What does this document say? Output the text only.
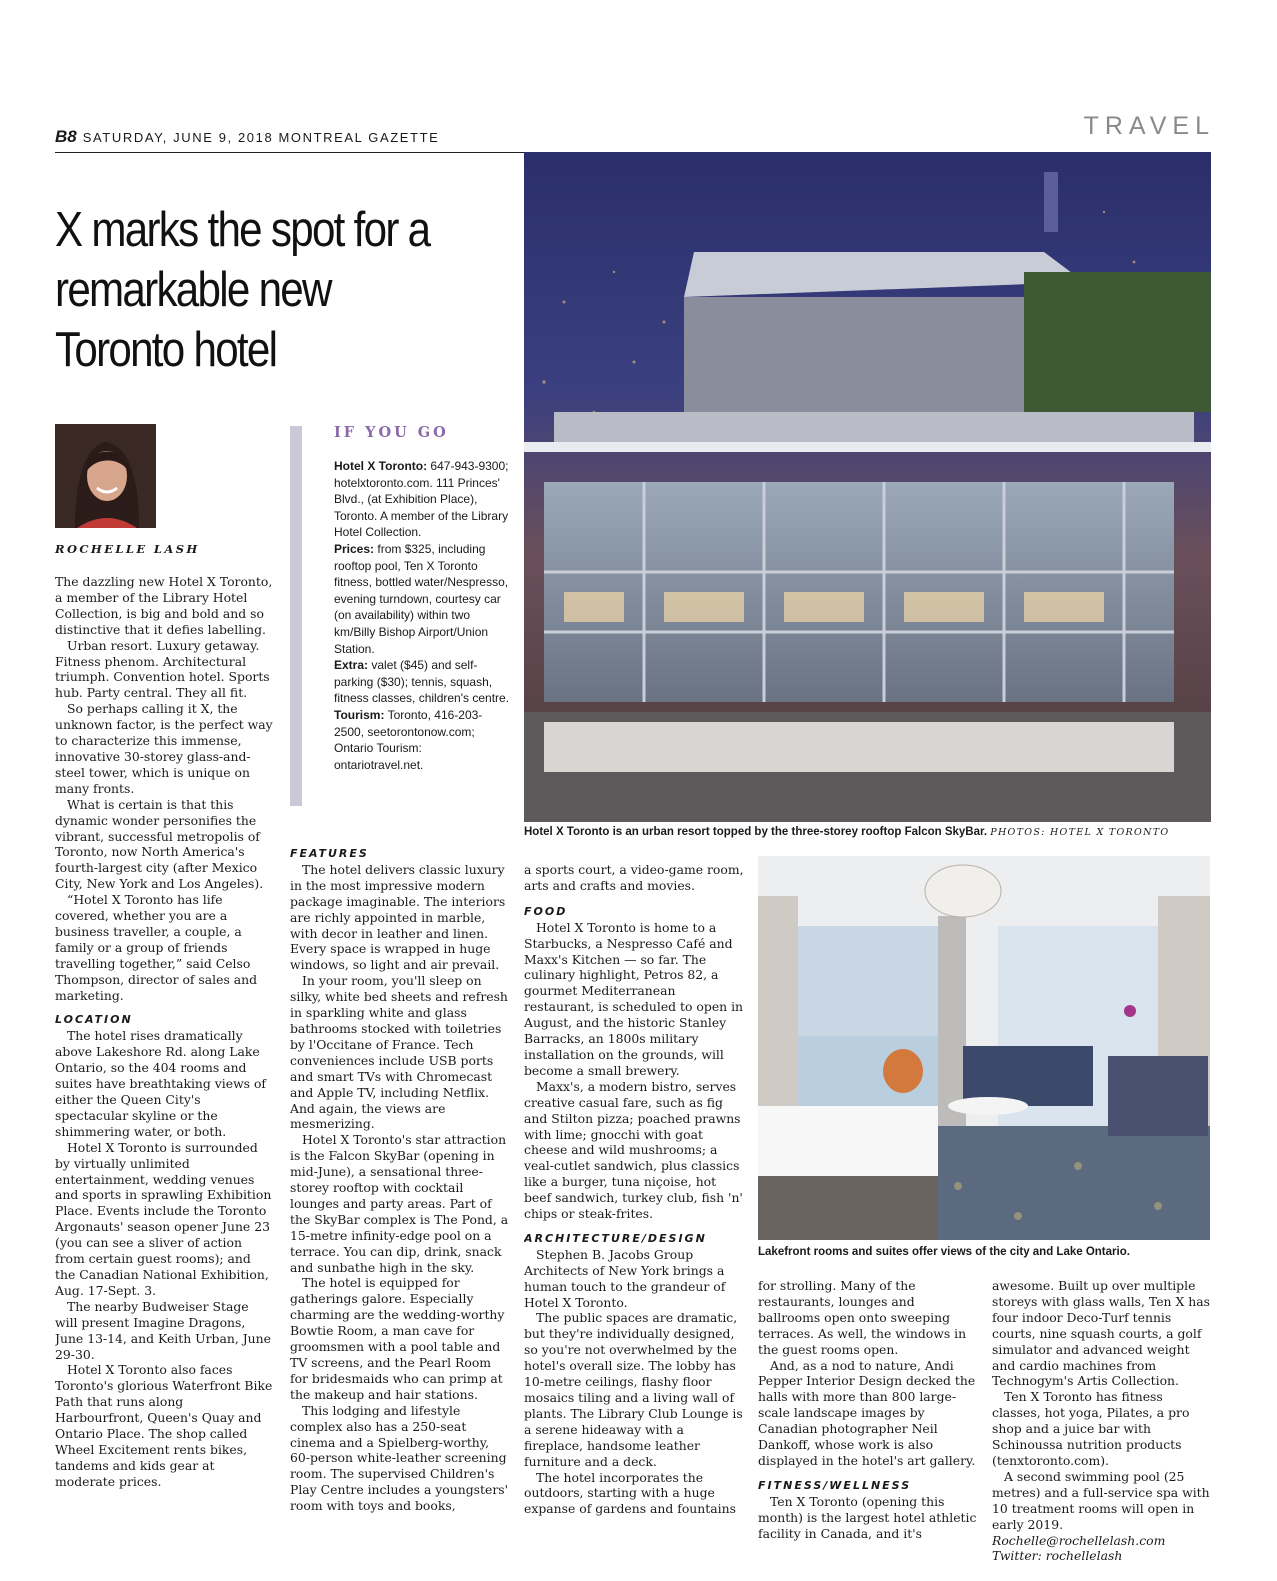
B8 SATURDAY, JUNE 9, 2018 MONTREAL GAZETTE	TRAVEL
X marks the spot for a remarkable new Toronto hotel
ROCHELLE LASH
IF YOU GO
Hotel X Toronto: 647-943-9300; hotelxtoronto.com. 111 Princes' Blvd., (at Exhibition Place), Toronto. A member of the Library Hotel Collection.
Prices: from $325, including rooftop pool, Ten X Toronto fitness, bottled water/Nespresso, evening turndown, courtesy car (on availability) within two km/Billy Bishop Airport/Union Station.
Extra: valet ($45) and self-parking ($30); tennis, squash, fitness classes, children's centre.
Tourism: Toronto, 416-203-2500, seetorontonow.com; Ontario Tourism: ontariotravel.net.
Hotel X Toronto is an urban resort topped by the three-storey rooftop Falcon SkyBar. PHOTOS: HOTEL X TORONTO
Lakefront rooms and suites offer views of the city and Lake Ontario.

The dazzling new Hotel X Toronto, a member of the Library Hotel Collection, is big and bold and so distinctive that it defies labelling.

Urban resort. Luxury getaway. Fitness phenom. Architectural triumph. Convention hotel. Sports hub. Party central. They all fit.

So perhaps calling it X, the unknown factor, is the perfect way to characterize this immense, innovative 30-storey glass-and-steel tower, which is unique on many fronts.

What is certain is that this dynamic wonder personifies the vibrant, successful metropolis of Toronto, now North America's fourth-largest city (after Mexico City, New York and Los Angeles).

“Hotel X Toronto has life covered, whether you are a business traveller, a couple, a family or a group of friends travelling together,” said Celso Thompson, director of sales and marketing.

LOCATION

The hotel rises dramatically above Lakeshore Rd. along Lake Ontario, so the 404 rooms and suites have breathtaking views of either the Queen City's spectacular skyline or the shimmering water, or both.

Hotel X Toronto is surrounded by virtually unlimited entertainment, wedding venues and sports in sprawling Exhibition Place. Events include the Toronto Argonauts' season opener June 23 (you can see a sliver of action from certain guest rooms); and the Canadian National Exhibition, Aug. 17-Sept. 3.

The nearby Budweiser Stage will present Imagine Dragons, June 13-14, and Keith Urban, June 29-30.

Hotel X Toronto also faces Toronto's glorious Waterfront Bike Path that runs along Harbourfront, Queen's Quay and Ontario Place. The shop called Wheel Excitement rents bikes, tandems and kids gear at moderate prices.

FEATURES

The hotel delivers classic luxury in the most impressive modern package imaginable. The interiors are richly appointed in marble, with decor in leather and linen. Every space is wrapped in huge windows, so light and air prevail.

In your room, you'll sleep on silky, white bed sheets and refresh in sparkling white and glass bathrooms stocked with toiletries by l'Occitane of France. Tech conveniences include USB ports and smart TVs with Chromecast and Apple TV, including Netflix. And again, the views are mesmerizing.

Hotel X Toronto's star attraction is the Falcon SkyBar (opening in mid-June), a sensational three-storey rooftop with cocktail lounges and party areas. Part of the SkyBar complex is The Pond, a 15-metre infinity-edge pool on a terrace. You can dip, drink, snack and sunbathe high in the sky.

The hotel is equipped for gatherings galore. Especially charming are the wedding-worthy Bowtie Room, a man cave for groomsmen with a pool table and TV screens, and the Pearl Room for bridesmaids who can primp at the makeup and hair stations.

This lodging and lifestyle complex also has a 250-seat cinema and a Spielberg-worthy, 60-person white-leather screening room. The supervised Children's Play Centre includes a youngsters' room with toys and books,

a sports court, a video-game room, arts and crafts and movies.

FOOD

Hotel X Toronto is home to a Starbucks, a Nespresso Café and Maxx's Kitchen — so far. The culinary highlight, Petros 82, a gourmet Mediterranean restaurant, is scheduled to open in August, and the historic Stanley Barracks, an 1800s military installation on the grounds, will become a small brewery.

Maxx's, a modern bistro, serves creative casual fare, such as fig and Stilton pizza; poached prawns with lime; gnocchi with goat cheese and wild mushrooms; a veal-cutlet sandwich, plus classics like a burger, tuna niçoise, hot beef sandwich, turkey club, fish 'n' chips or steak-frites.

ARCHITECTURE/DESIGN

Stephen B. Jacobs Group Architects of New York brings a human touch to the grandeur of Hotel X Toronto.

The public spaces are dramatic, but they're individually designed, so you're not overwhelmed by the hotel's overall size. The lobby has 10-metre ceilings, flashy floor mosaics tiling and a living wall of plants. The Library Club Lounge is a serene hideaway with a fireplace, handsome leather furniture and a deck.

The hotel incorporates the outdoors, starting with a huge expanse of gardens and fountains

for strolling. Many of the restaurants, lounges and ballrooms open onto sweeping terraces. As well, the windows in the guest rooms open.

And, as a nod to nature, Andi Pepper Interior Design decked the halls with more than 800 large-scale landscape images by Canadian photographer Neil Dankoff, whose work is also displayed in the hotel's art gallery.

FITNESS/WELLNESS

Ten X Toronto (opening this month) is the largest hotel athletic facility in Canada, and it's

awesome. Built up over multiple storeys with glass walls, Ten X has four indoor Deco-Turf tennis courts, nine squash courts, a golf simulator and advanced weight and cardio machines from Technogym's Artis Collection.

Ten X Toronto has fitness classes, hot yoga, Pilates, a pro shop and a juice bar with Schinoussa nutrition products (tenxtoronto.com).

A second swimming pool (25 metres) and a full-service spa with 10 treatment rooms will open in early 2019.

Rochelle@rochellelash.com
Twitter: rochellelash
